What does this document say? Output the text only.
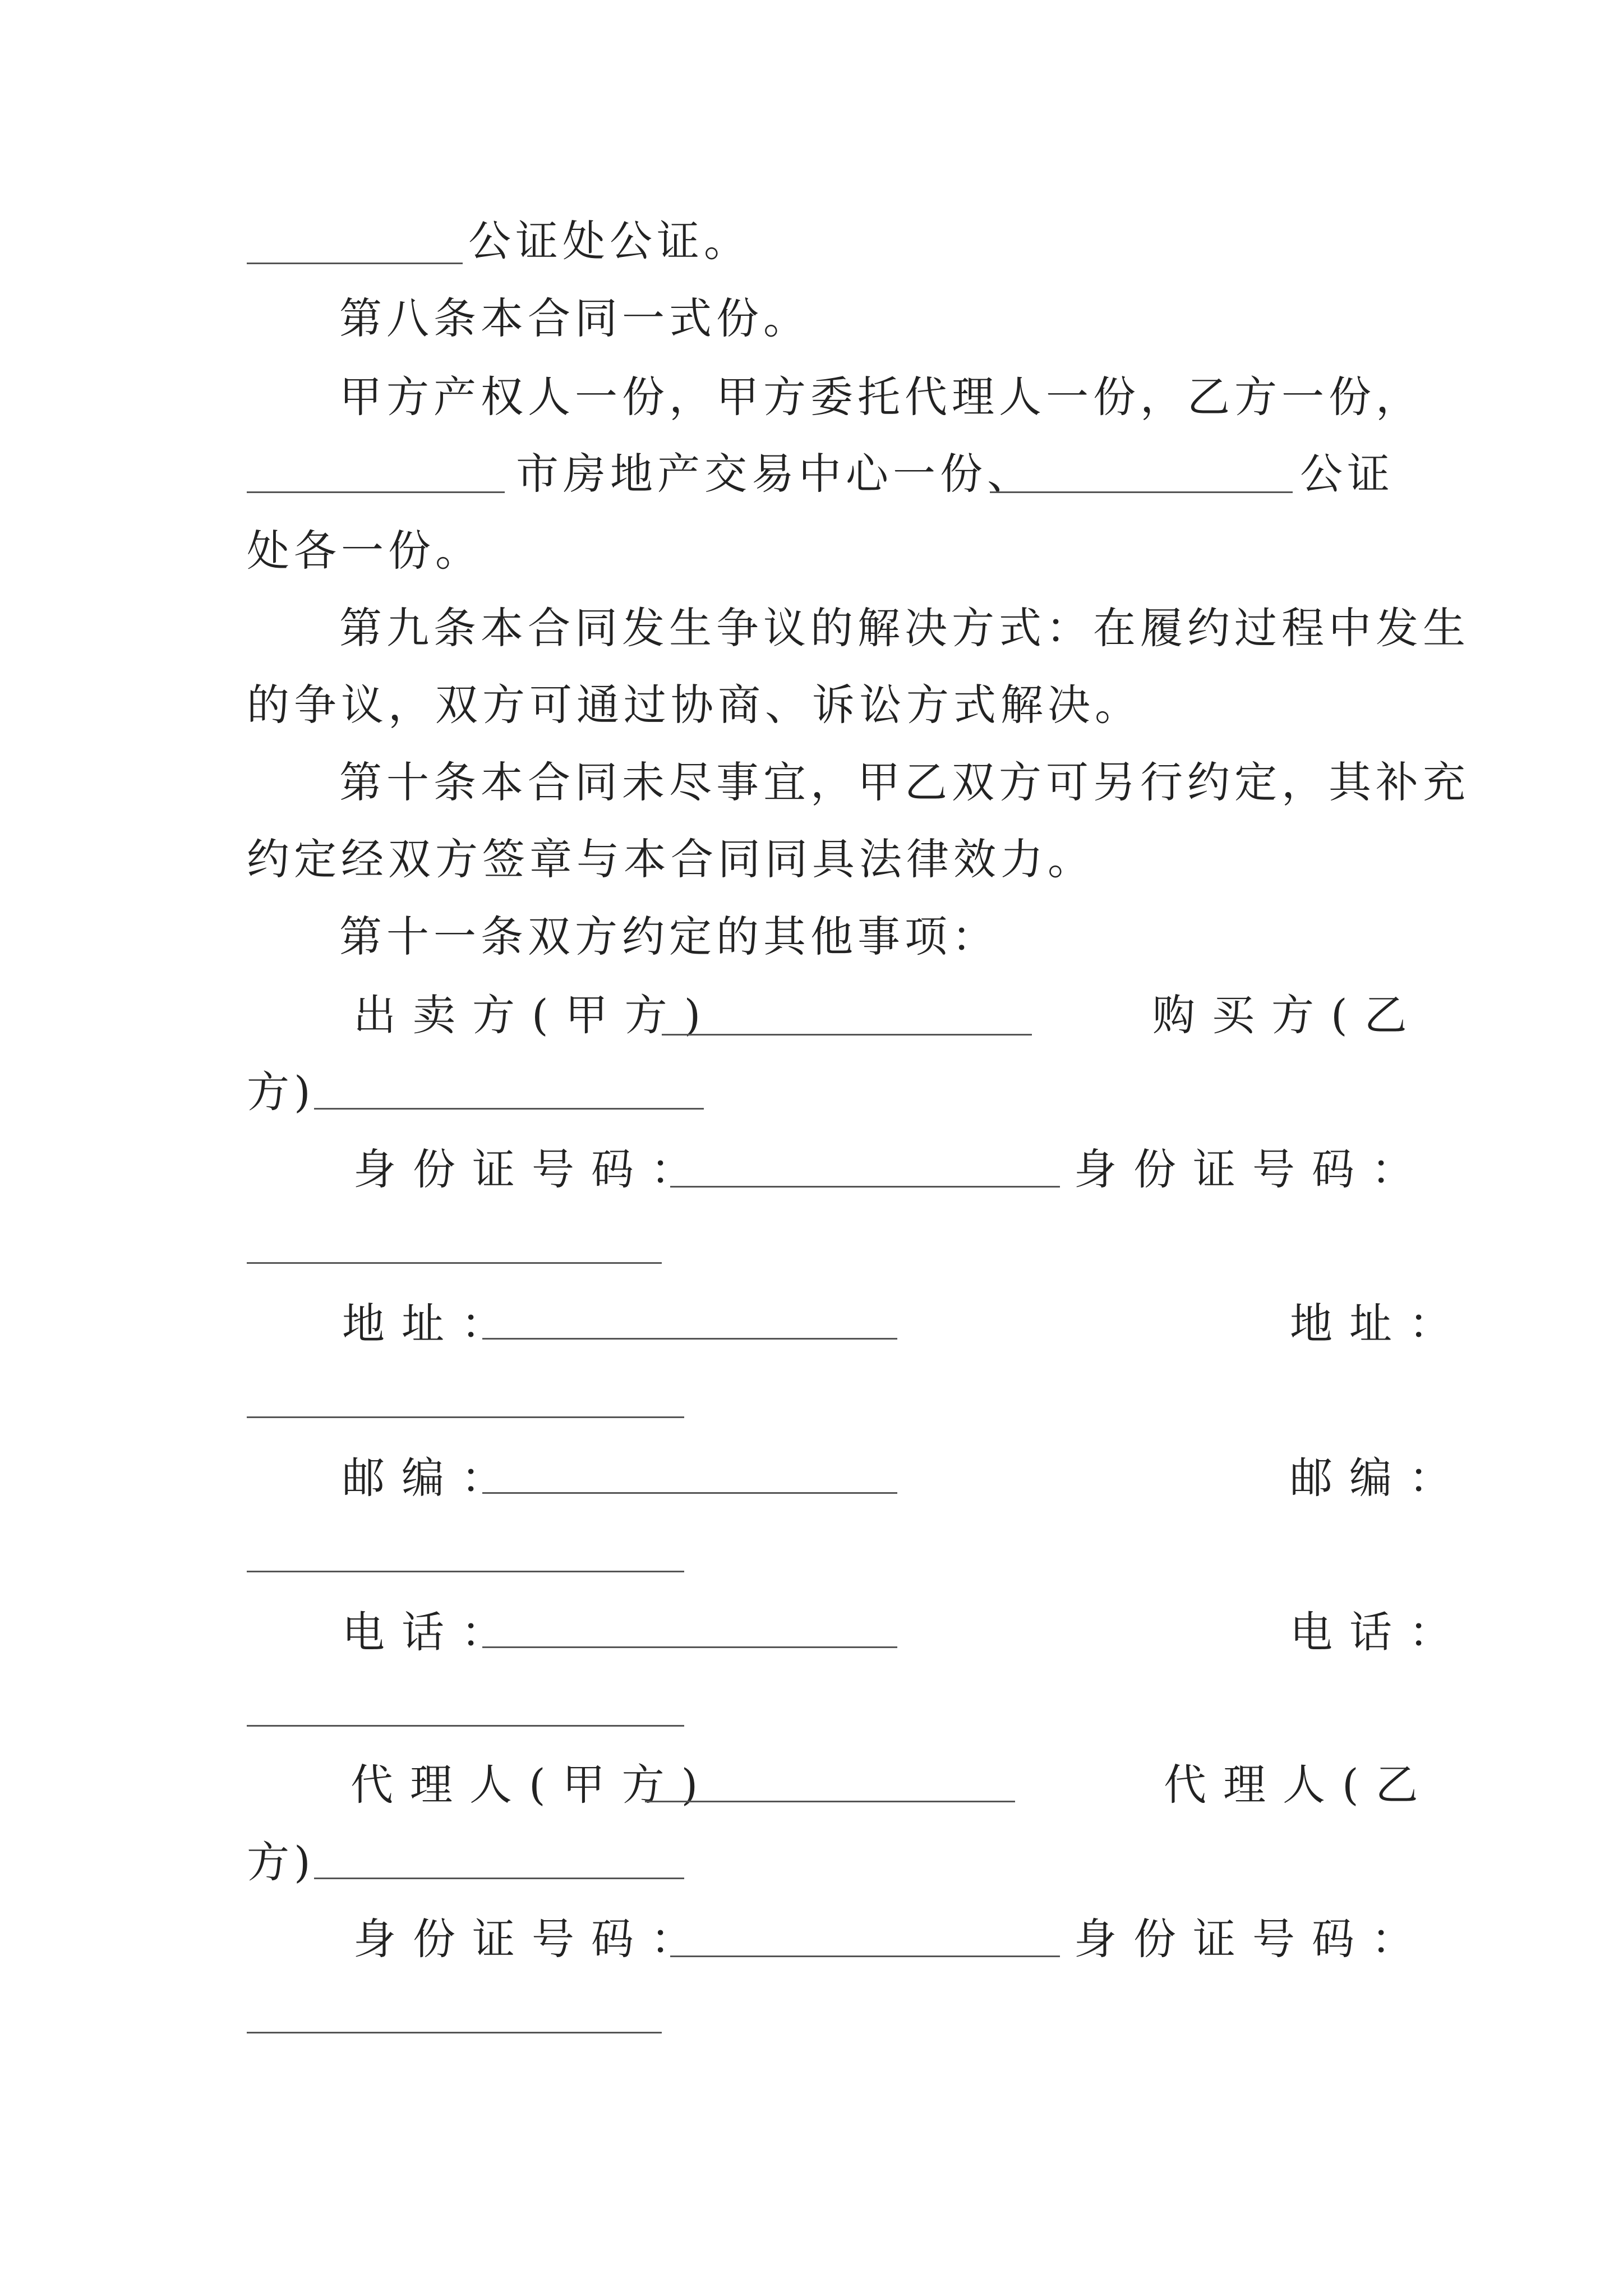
公证处公证。
第八条本合同一式份。
甲方产权人一份，甲方委托代理人一份，乙方一份，
市房地产交易中心一份、	公证
处各一份。
第九条本合同发生争议的解决方式：在履约过程中发生
的争议，双方可通过协商、诉讼方式解决。
第十条本合同未尽事宜，甲乙双方可另行约定，其补充
约定经双方签章与本合同同具法律效力。
第十一条双方约定的其他事项：
出卖方(甲方)	购买方(乙
方)
身份证号码：	身份证号码：
地址：	地址：
邮编：	邮编：
电话：	电话：
代理人(甲方)	代理人(乙
方)
身份证号码：	身份证号码：
